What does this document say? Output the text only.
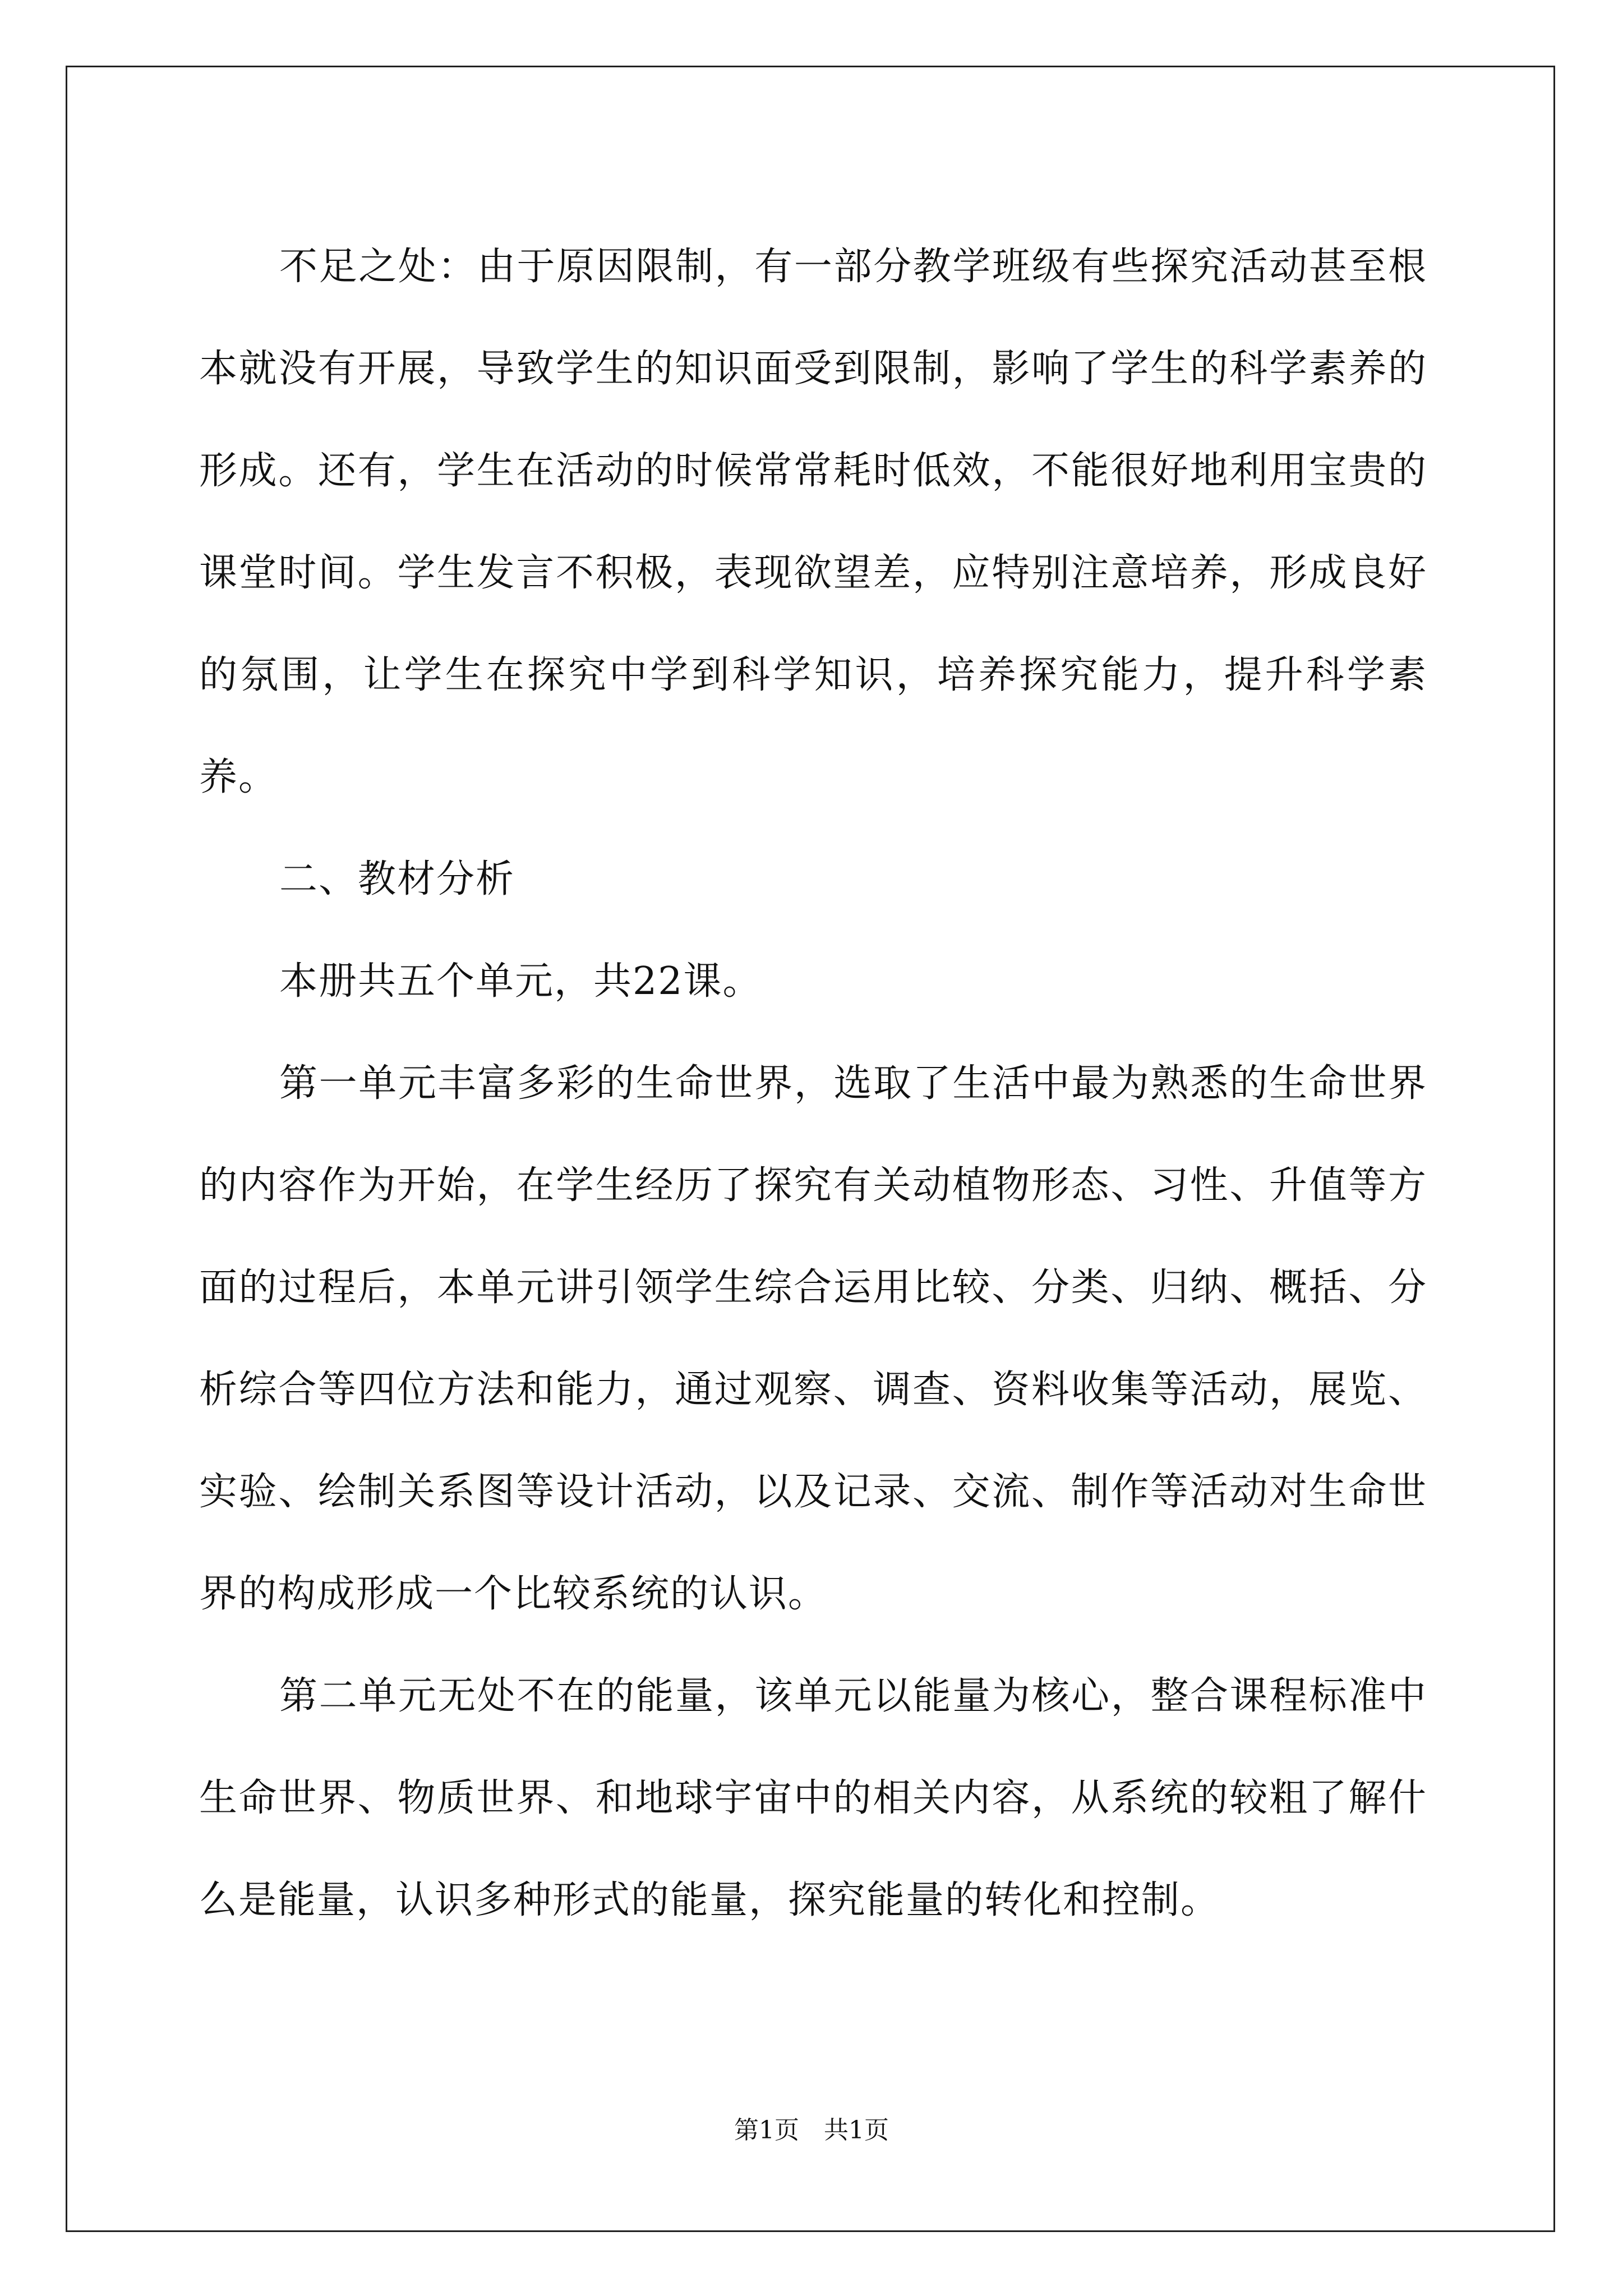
不足之处：由于原因限制，有一部分教学班级有些探究活动甚至根本就没有开展，导致学生的知识面受到限制，影响了学生的科学素养的形成。还有，学生在活动的时候常常耗时低效，不能很好地利用宝贵的课堂时间。学生发言不积极，表现欲望差，应特别注意培养，形成良好的氛围，让学生在探究中学到科学知识，培养探究能力，提升科学素养。

二、教材分析

本册共五个单元，共22课。

第一单元丰富多彩的生命世界，选取了生活中最为熟悉的生命世界的内容作为开始，在学生经历了探究有关动植物形态、习性、升值等方面的过程后，本单元讲引领学生综合运用比较、分类、归纳、概括、分析综合等四位方法和能力，通过观察、调查、资料收集等活动，展览、实验、绘制关系图等设计活动，以及记录、交流、制作等活动对生命世界的构成形成一个比较系统的认识。

第二单元无处不在的能量，该单元以能量为核心，整合课程标准中生命世界、物质世界、和地球宇宙中的相关内容，从系统的较粗了解什么是能量，认识多种形式的能量，探究能量的转化和控制。

第1页 共1页
